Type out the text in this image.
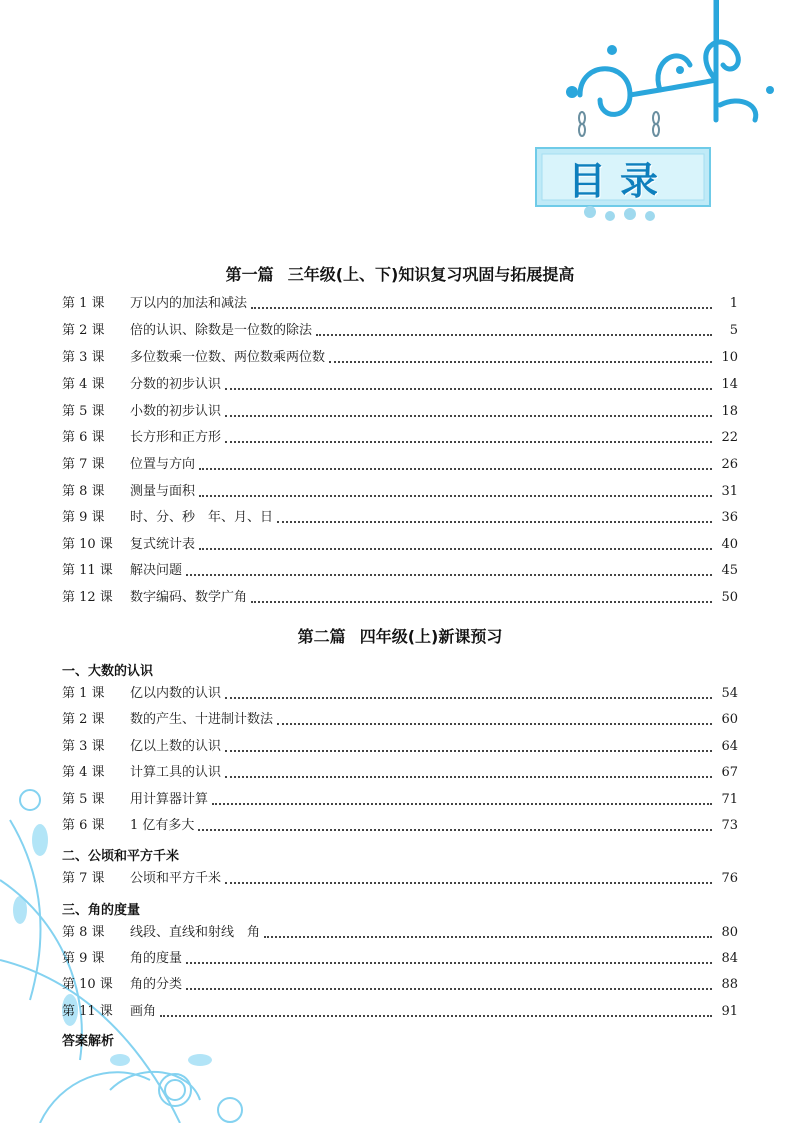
目录
第一篇 三年级(上、下)知识复习巩固与拓展提高
第 1 课	万以内的加法和减法	1
第 2 课	倍的认识、除数是一位数的除法	5
第 3 课	多位数乘一位数、两位数乘两位数	10
第 4 课	分数的初步认识	14
第 5 课	小数的初步认识	18
第 6 课	长方形和正方形	22
第 7 课	位置与方向	26
第 8 课	测量与面积	31
第 9 课	时、分、秒　年、月、日	36
第 10 课	复式统计表	40
第 11 课	解决问题	45
第 12 课	数字编码、数学广角	50
第二篇 四年级(上)新课预习
一、大数的认识
第 1 课	亿以内数的认识	54
第 2 课	数的产生、十进制计数法	60
第 3 课	亿以上数的认识	64
第 4 课	计算工具的认识	67
第 5 课	用计算器计算	71
第 6 课	1 亿有多大	73
二、公顷和平方千米
第 7 课	公顷和平方千米	76
三、角的度量
第 8 课	线段、直线和射线　角	80
第 9 课	角的度量	84
第 10 课	角的分类	88
第 11 课	画角	91
答案解析
